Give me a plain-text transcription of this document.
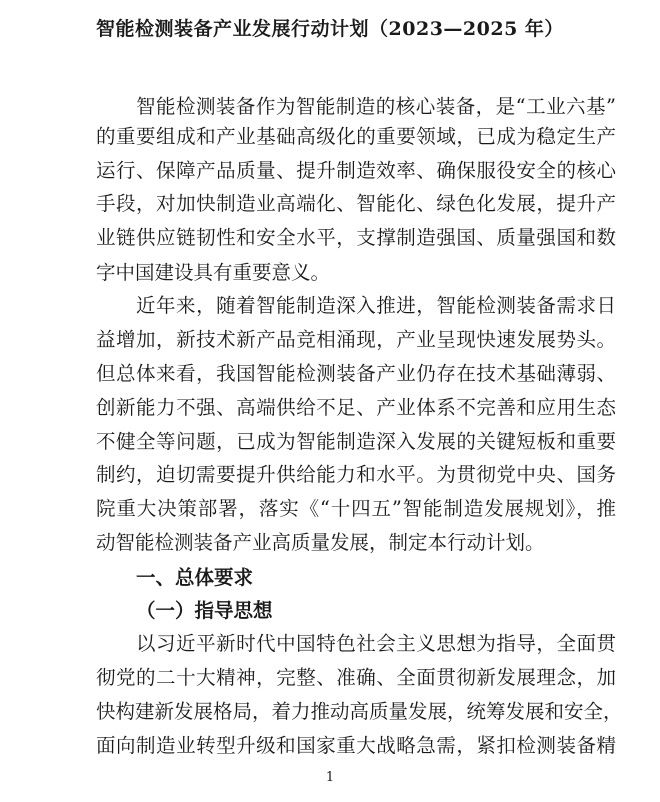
智能检测装备产业发展行动计划（2023—2025 年）
智能检测装备作为智能制造的核心装备，是“工业六基”
的重要组成和产业基础高级化的重要领域，已成为稳定生产
运行、保障产品质量、提升制造效率、确保服役安全的核心
手段，对加快制造业高端化、智能化、绿色化发展，提升产
业链供应链韧性和安全水平，支撑制造强国、质量强国和数
字中国建设具有重要意义。
近年来，随着智能制造深入推进，智能检测装备需求日
益增加，新技术新产品竞相涌现，产业呈现快速发展势头。
但总体来看，我国智能检测装备产业仍存在技术基础薄弱、
创新能力不强、高端供给不足、产业体系不完善和应用生态
不健全等问题，已成为智能制造深入发展的关键短板和重要
制约，迫切需要提升供给能力和水平。为贯彻党中央、国务
院重大决策部署，落实《“十四五”智能制造发展规划》，推
动智能检测装备产业高质量发展，制定本行动计划。
一、总体要求
（一）指导思想
以习近平新时代中国特色社会主义思想为指导，全面贯
彻党的二十大精神，完整、准确、全面贯彻新发展理念，加
快构建新发展格局，着力推动高质量发展，统筹发展和安全，
面向制造业转型升级和国家重大战略急需，紧扣检测装备精
1
